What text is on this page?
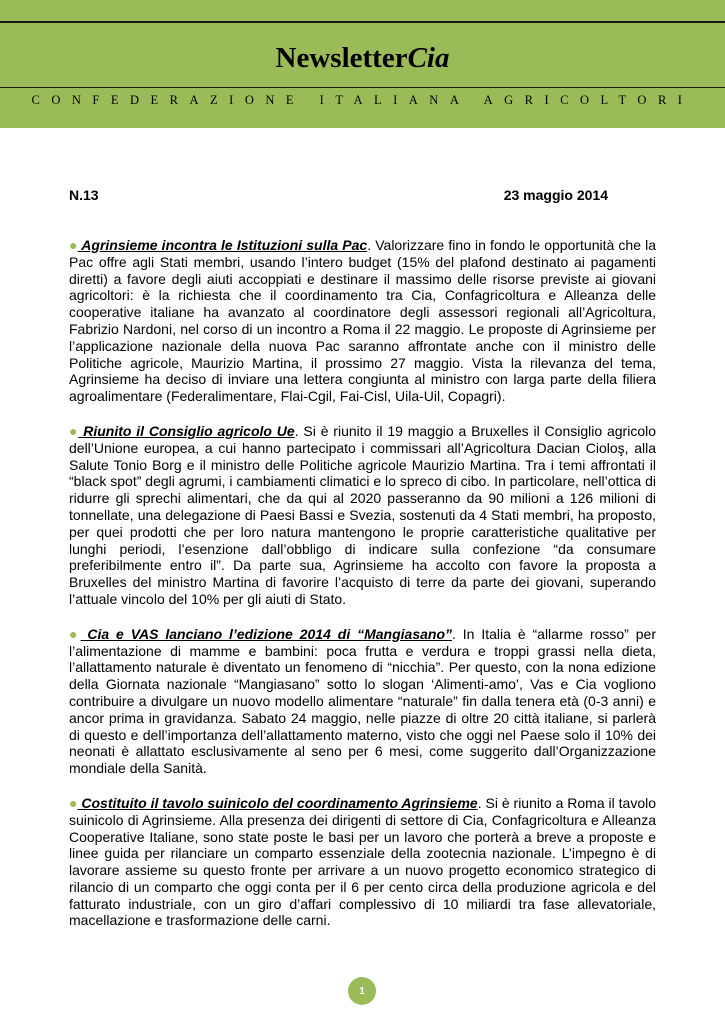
NewsletterCia
CONFEDERAZIONE ITALIANA AGRICOLTORI
N.13	23 maggio 2014

● Agrinsieme incontra le Istituzioni sulla Pac. Valorizzare fino in fondo le opportunità che la Pac offre agli Stati membri, usando l’intero budget (15% del plafond destinato ai pagamenti diretti) a favore degli aiuti accoppiati e destinare il massimo delle risorse previste ai giovani agricoltori: è la richiesta che il coordinamento tra Cia, Confagricoltura e Alleanza delle cooperative italiane ha avanzato al coordinatore degli assessori regionali all’Agricoltura, Fabrizio Nardoni, nel corso di un incontro a Roma il 22 maggio. Le proposte di Agrinsieme per l’applicazione nazionale della nuova Pac saranno affrontate anche con il ministro delle Politiche agricole, Maurizio Martina, il prossimo 27 maggio. Vista la rilevanza del tema, Agrinsieme ha deciso di inviare una lettera congiunta al ministro con larga parte della filiera agroalimentare (Federalimentare, Flai-Cgil, Fai-Cisl, Uila-Uil, Copagri).

● Riunito il Consiglio agricolo Ue. Si è riunito il 19 maggio a Bruxelles il Consiglio agricolo dell’Unione europea, a cui hanno partecipato i commissari all’Agricoltura Dacian Cioloş, alla Salute Tonio Borg e il ministro delle Politiche agricole Maurizio Martina. Tra i temi affrontati il “black spot” degli agrumi, i cambiamenti climatici e lo spreco di cibo. In particolare, nell’ottica di ridurre gli sprechi alimentari, che da qui al 2020 passeranno da 90 milioni a 126 milioni di tonnellate, una delegazione di Paesi Bassi e Svezia, sostenuti da 4 Stati membri, ha proposto, per quei prodotti che per loro natura mantengono le proprie caratteristiche qualitative per lunghi periodi, l’esenzione dall’obbligo di indicare sulla confezione “da consumare preferibilmente entro il”. Da parte sua, Agrinsieme ha accolto con favore la proposta a Bruxelles del ministro Martina di favorire l’acquisto di terre da parte dei giovani, superando l’attuale vincolo del 10% per gli aiuti di Stato.

● Cia e VAS lanciano l’edizione 2014 di “Mangiasano”. In Italia è “allarme rosso” per l’alimentazione di mamme e bambini: poca frutta e verdura e troppi grassi nella dieta, l’allattamento naturale è diventato un fenomeno di “nicchia”. Per questo, con la nona edizione della Giornata nazionale “Mangiasano” sotto lo slogan ‘Alimenti-amo’, Vas e Cia vogliono contribuire a divulgare un nuovo modello alimentare “naturale” fin dalla tenera età (0-3 anni) e ancor prima in gravidanza. Sabato 24 maggio, nelle piazze di oltre 20 città italiane, si parlerà di questo e dell’importanza dell’allattamento materno, visto che oggi nel Paese solo il 10% dei neonati è allattato esclusivamente al seno per 6 mesi, come suggerito dall’Organizzazione mondiale della Sanità.

● Costituito il tavolo suinicolo del coordinamento Agrinsieme. Si è riunito a Roma il tavolo suinicolo di Agrinsieme. Alla presenza dei dirigenti di settore di Cia, Confagricoltura e Alleanza Cooperative Italiane, sono state poste le basi per un lavoro che porterà a breve a proposte e linee guida per rilanciare un comparto essenziale della zootecnia nazionale. L’impegno è di lavorare assieme su questo fronte per arrivare a un nuovo progetto economico strategico di rilancio di un comparto che oggi conta per il 6 per cento circa della produzione agricola e del fatturato industriale, con un giro d’affari complessivo di 10 miliardi tra fase allevatoriale, macellazione e trasformazione delle carni.

1
